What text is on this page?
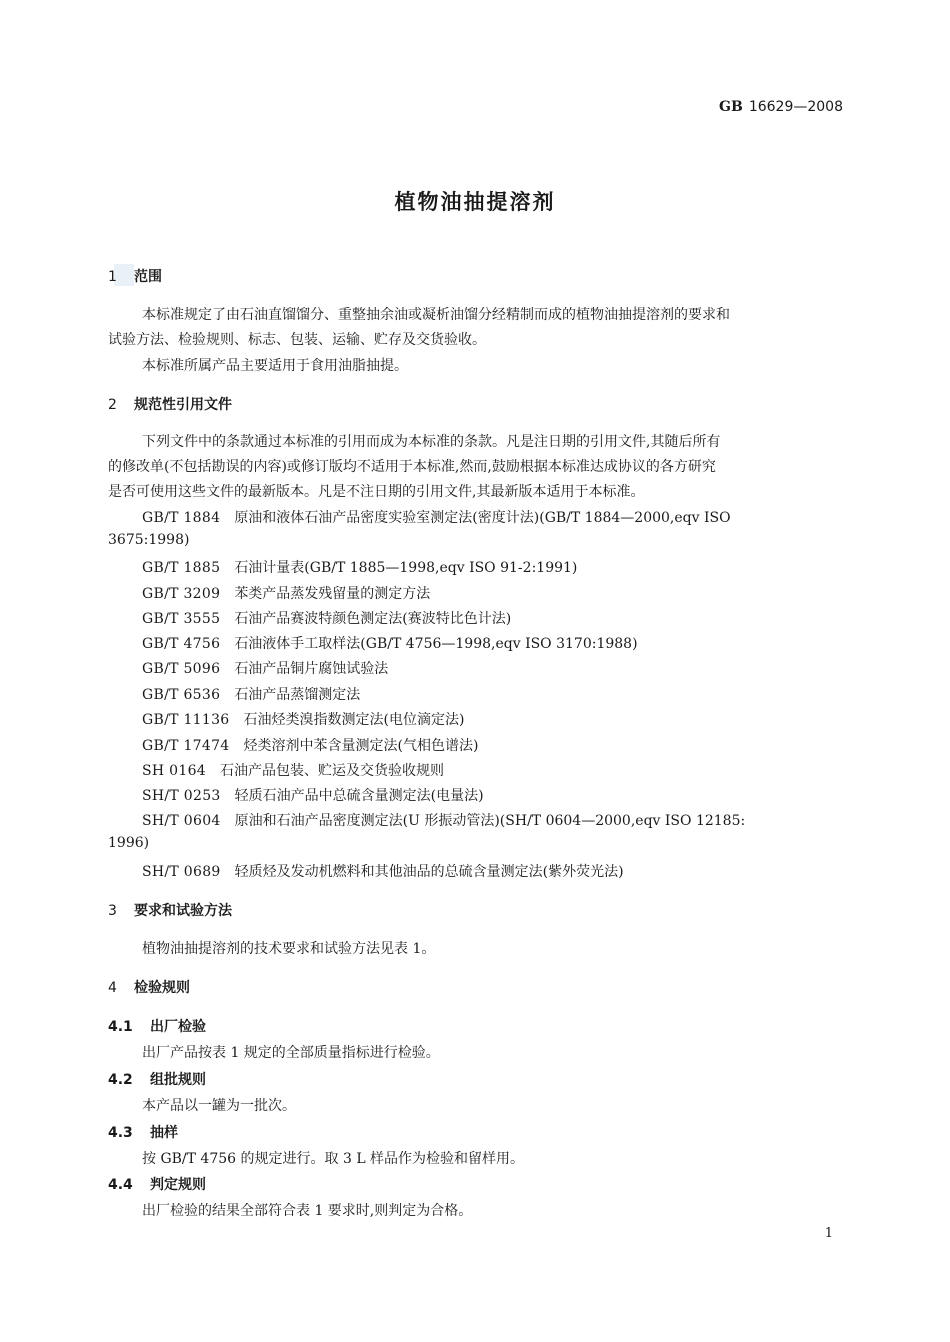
GB 16629—2008
植物油抽提溶剂
1 范围
本标准规定了由石油直馏馏分、重整抽余油或凝析油馏分经精制而成的植物油抽提溶剂的要求和
试验方法、检验规则、标志、包装、运输、贮存及交货验收。
本标准所属产品主要适用于食用油脂抽提。
2 规范性引用文件
下列文件中的条款通过本标准的引用而成为本标准的条款。凡是注日期的引用文件,其随后所有
的修改单(不包括勘误的内容)或修订版均不适用于本标准,然而,鼓励根据本标准达成协议的各方研究
是否可使用这些文件的最新版本。凡是不注日期的引用文件,其最新版本适用于本标准。
GB/T 1884 原油和液体石油产品密度实验室测定法(密度计法)(GB/T 1884—2000,eqv ISO
3675:1998)
GB/T 1885 石油计量表(GB/T 1885—1998,eqv ISO 91-2:1991)
GB/T 3209 苯类产品蒸发残留量的测定方法
GB/T 3555 石油产品赛波特颜色测定法(赛波特比色计法)
GB/T 4756 石油液体手工取样法(GB/T 4756—1998,eqv ISO 3170:1988)
GB/T 5096 石油产品铜片腐蚀试验法
GB/T 6536 石油产品蒸馏测定法
GB/T 11136 石油烃类溴指数测定法(电位滴定法)
GB/T 17474 烃类溶剂中苯含量测定法(气相色谱法)
SH 0164 石油产品包装、贮运及交货验收规则
SH/T 0253 轻质石油产品中总硫含量测定法(电量法)
SH/T 0604 原油和石油产品密度测定法(U 形振动管法)(SH/T 0604—2000,eqv ISO 12185:
1996)
SH/T 0689 轻质烃及发动机燃料和其他油品的总硫含量测定法(紫外荧光法)
3 要求和试验方法
植物油抽提溶剂的技术要求和试验方法见表 1。
4 检验规则
4.1 出厂检验
出厂产品按表 1 规定的全部质量指标进行检验。
4.2 组批规则
本产品以一罐为一批次。
4.3 抽样
按 GB/T 4756 的规定进行。取 3 L 样品作为检验和留样用。
4.4 判定规则
出厂检验的结果全部符合表 1 要求时,则判定为合格。
1
